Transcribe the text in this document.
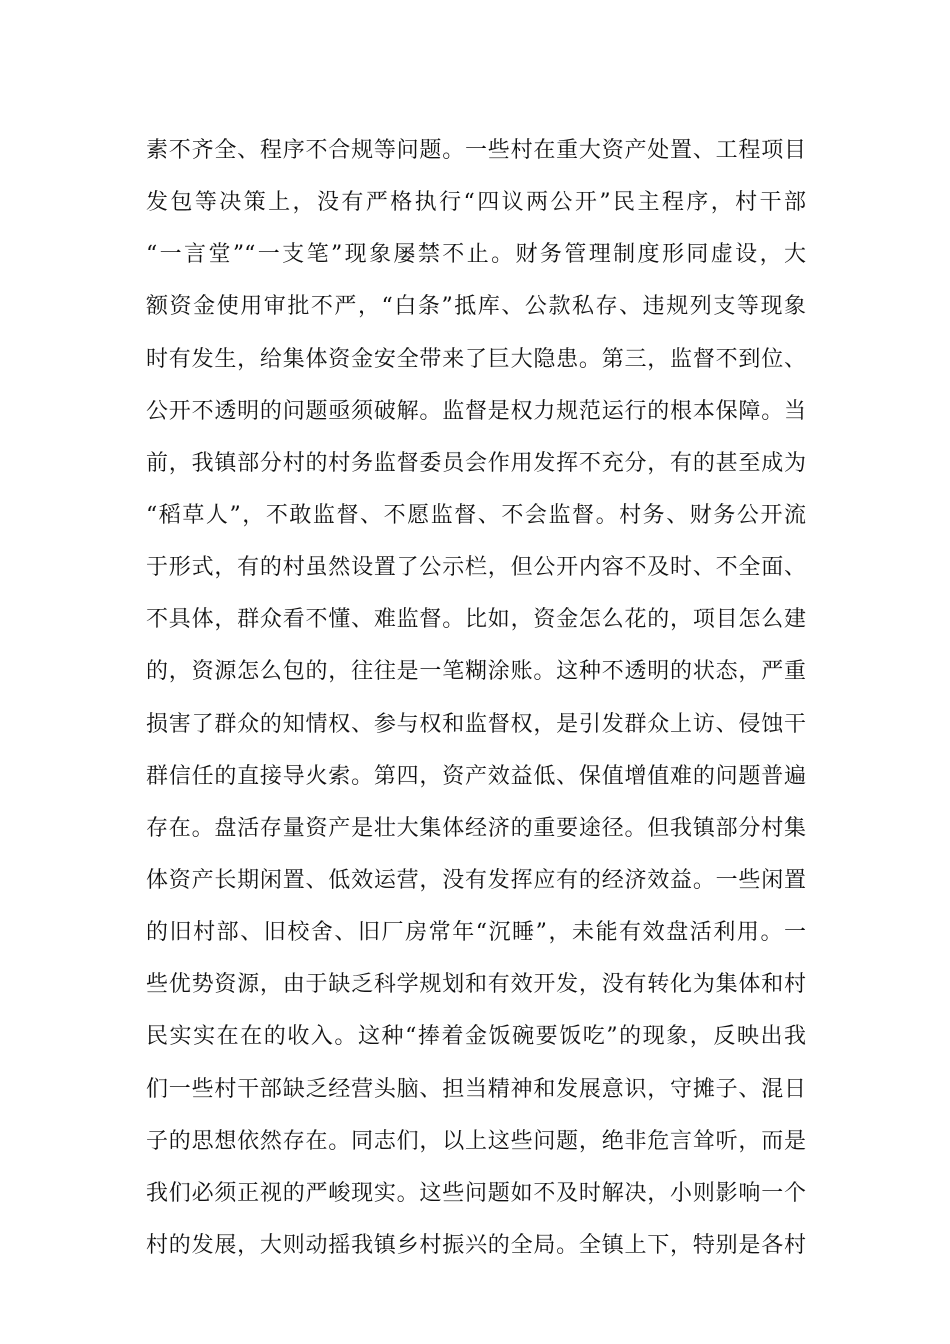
素不齐全、程序不合规等问题。一些村在重大资产处置、工程项目
发包等决策上，没有严格执行“四议两公开”民主程序，村干部
“一言堂”“一支笔”现象屡禁不止。财务管理制度形同虚设，大
额资金使用审批不严，“白条”抵库、公款私存、违规列支等现象
时有发生，给集体资金安全带来了巨大隐患。第三，监督不到位、
公开不透明的问题亟须破解。监督是权力规范运行的根本保障。当
前，我镇部分村的村务监督委员会作用发挥不充分，有的甚至成为
“稻草人”，不敢监督、不愿监督、不会监督。村务、财务公开流
于形式，有的村虽然设置了公示栏，但公开内容不及时、不全面、
不具体，群众看不懂、难监督。比如，资金怎么花的，项目怎么建
的，资源怎么包的，往往是一笔糊涂账。这种不透明的状态，严重
损害了群众的知情权、参与权和监督权，是引发群众上访、侵蚀干
群信任的直接导火索。第四，资产效益低、保值增值难的问题普遍
存在。盘活存量资产是壮大集体经济的重要途径。但我镇部分村集
体资产长期闲置、低效运营，没有发挥应有的经济效益。一些闲置
的旧村部、旧校舍、旧厂房常年“沉睡”，未能有效盘活利用。一
些优势资源，由于缺乏科学规划和有效开发，没有转化为集体和村
民实实在在的收入。这种“捧着金饭碗要饭吃”的现象，反映出我
们一些村干部缺乏经营头脑、担当精神和发展意识，守摊子、混日
子的思想依然存在。同志们，以上这些问题，绝非危言耸听，而是
我们必须正视的严峻现实。这些问题如不及时解决，小则影响一个
村的发展，大则动摇我镇乡村振兴的全局。全镇上下，特别是各村
